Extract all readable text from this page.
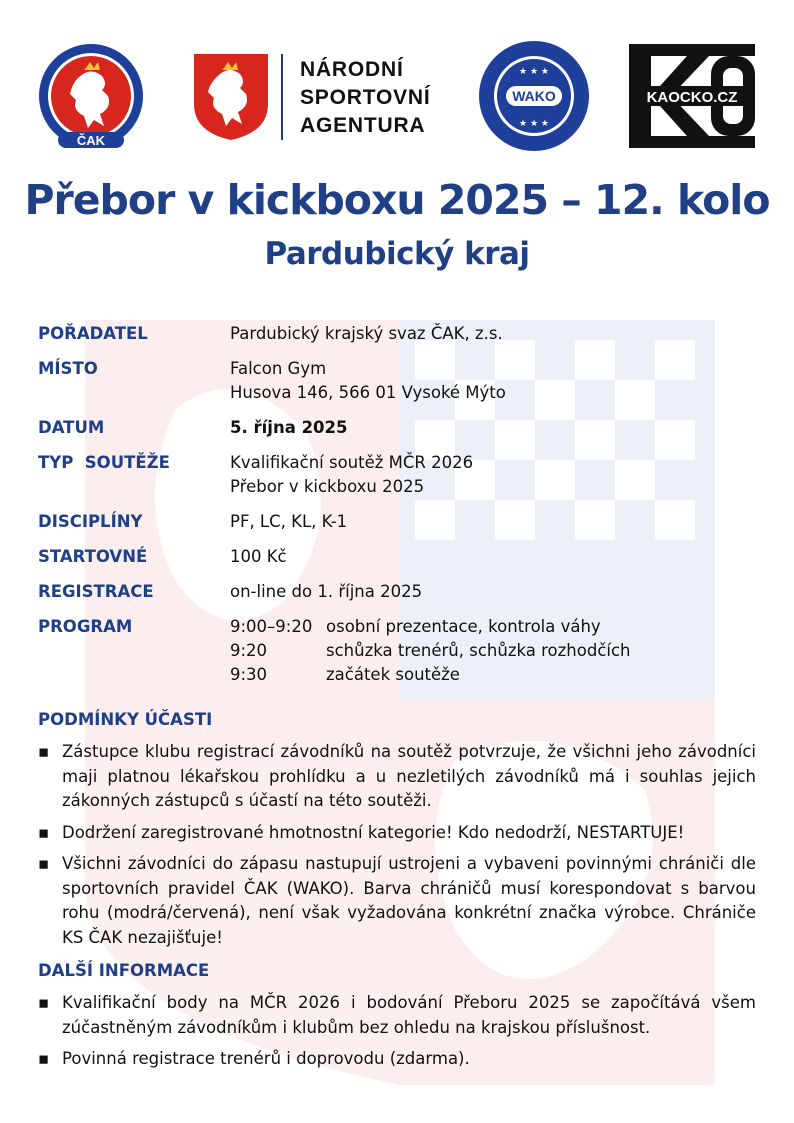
ČAK
NÁRODNÍ
SPORTOVNÍ
AGENTURA
★ ★ ★
★ ★ ★
WAKO	KAOCKO.CZ
Přebor v kickboxu 2025 – 12. kolo
Pardubický kraj
POŘADATEL	Pardubický krajský svaz ČAK, z.s.
MÍSTO	Falcon Gym
Husova 146, 566 01 Vysoké Mýto
DATUM	5. října 2025
TYP  SOUTĚŽE	Kvalifikační soutěž MČR 2026
Přebor v kickboxu 2025
DISCIPLÍNY	PF, LC, KL, K-1
STARTOVNÉ	100 Kč
REGISTRACE	on-line do 1. října 2025
PROGRAM	9:00–9:20 osobní prezentace, kontrola váhy
9:20	schůzka trenérů, schůzka rozhodčích
9:30	začátek soutěže
PODMÍNKY ÚČASTI
▪ Zástupce klubu registrací závodníků na soutěž potvrzuje, že všichni jeho závodníci maji platnou lékařskou prohlídku a u nezletilých závodníků má i souhlas jejich zákonných zástupců s účastí na této soutěži.
▪ Dodržení zaregistrované hmotnostní kategorie! Kdo nedodrží, NESTARTUJE!
▪ Všichni závodníci do zápasu nastupují ustrojeni a vybaveni povinnými chrániči dle sportovních pravidel ČAK (WAKO). Barva chráničů musí korespondovat s barvou rohu (modrá/červená), není však vyžadována konkrétní značka výrobce. Chrániče KS ČAK nezajišťuje!
DALŠÍ INFORMACE
▪ Kvalifikační body na MČR 2026 i bodování Přeboru 2025 se započítává všem zúčastněným závodníkům i klubům bez ohledu na krajskou příslušnost.
▪ Povinná registrace trenérů i doprovodu (zdarma).
